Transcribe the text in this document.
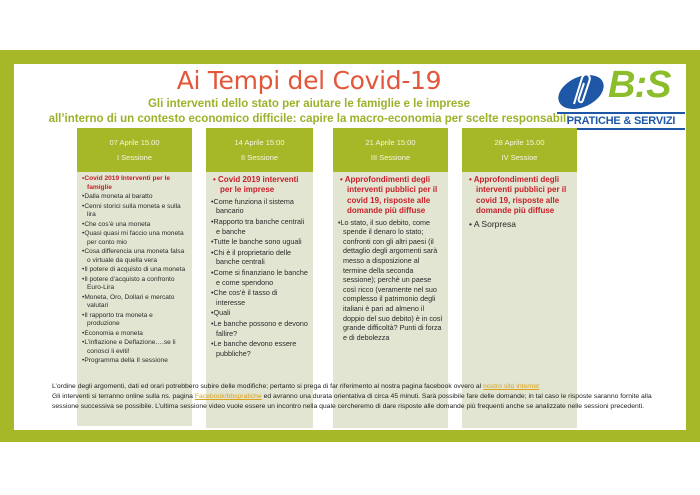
Ai Tempi del Covid-19
Gli interventi dello stato per aiutare le famiglie e le imprese
all’interno di un contesto economico difficile: capire la macro-economia per scelte responsabili
B:S
PRATICHE & SERVIZI
07 Aprile 15.00
I Sessione
• Covid 2019 Interventi per le famiglie
• Dalla moneta al baratto
• Cenni storici sulla moneta e sulla lira
• Che cos’è una moneta
• Quasi quasi mi faccio una moneta per conto mio
• Cosa differencia una moneta falsa o virtuale da quella vera
• Il potere di acquisto di una moneta
• Il potere d’acquisto a confronto Euro-Lira
• Moneta, Oro, Dollari e mercato valutari
• Il rapporto tra moneta e produzione
• Economia e moneta
• L’inflazione e Deflazione….se li conosci li eviti!
• Programma della II sessione
14 Aprile 15:00
II Sessione
• Covid 2019 interventi per le imprese
• Come funziona il sistema bancario
• Rapporto tra banche centrali e banche
• Tutte le banche sono uguali
• Chi è il proprietario delle banche centrali
• Come si finanziano le banche e come spendono
• Che cos’è il tasso di interesse
• Quali
• Le banche possono e devono fallire?
• Le banche devono essere pubbliche?
21 Aprile 15:00
III Sessione
• Approfondimenti degli interventi pubblici per il covid 19, risposte alle domande più diffuse
• Lo stato, il suo debito, come spende il denaro lo stato; confronti con gli altri paesi (il dettaglio degli argomenti sarà messo a disposizione al termine della seconda sessione); perchè un paese così ricco (veramente nel suo complesso il patrimonio degli italiani è pari ad almeno il doppio del suo debito) è in così grande difficoltà? Punti di forza e di debolezza
28 Aprile 15.00
IV Sessioe
• Approfondimenti degli interventi pubblici per il covid 19, risposte alle domande più diffuse
• A Sorpresa
L’ordine degli argomenti, dati ed orari potrebbero subire delle modifiche; pertanto si prega di far riferimento al nostra pagina facebook ovvero al nostro sito internet
Gli interventi si terranno online sulla ns. pagina Facebook/bbspratiche ed avranno una durata orientativa di circa 45 minuti. Sarà possibile fare delle domande; in tal caso le risposte saranno fornite alla sessione successiva se possibile. L’ultima sessione video vuole essere un incontro nella quale cercheremo di dare risposte alle domande più frequenti anche se analizzate nelle sessioni precedenti.
